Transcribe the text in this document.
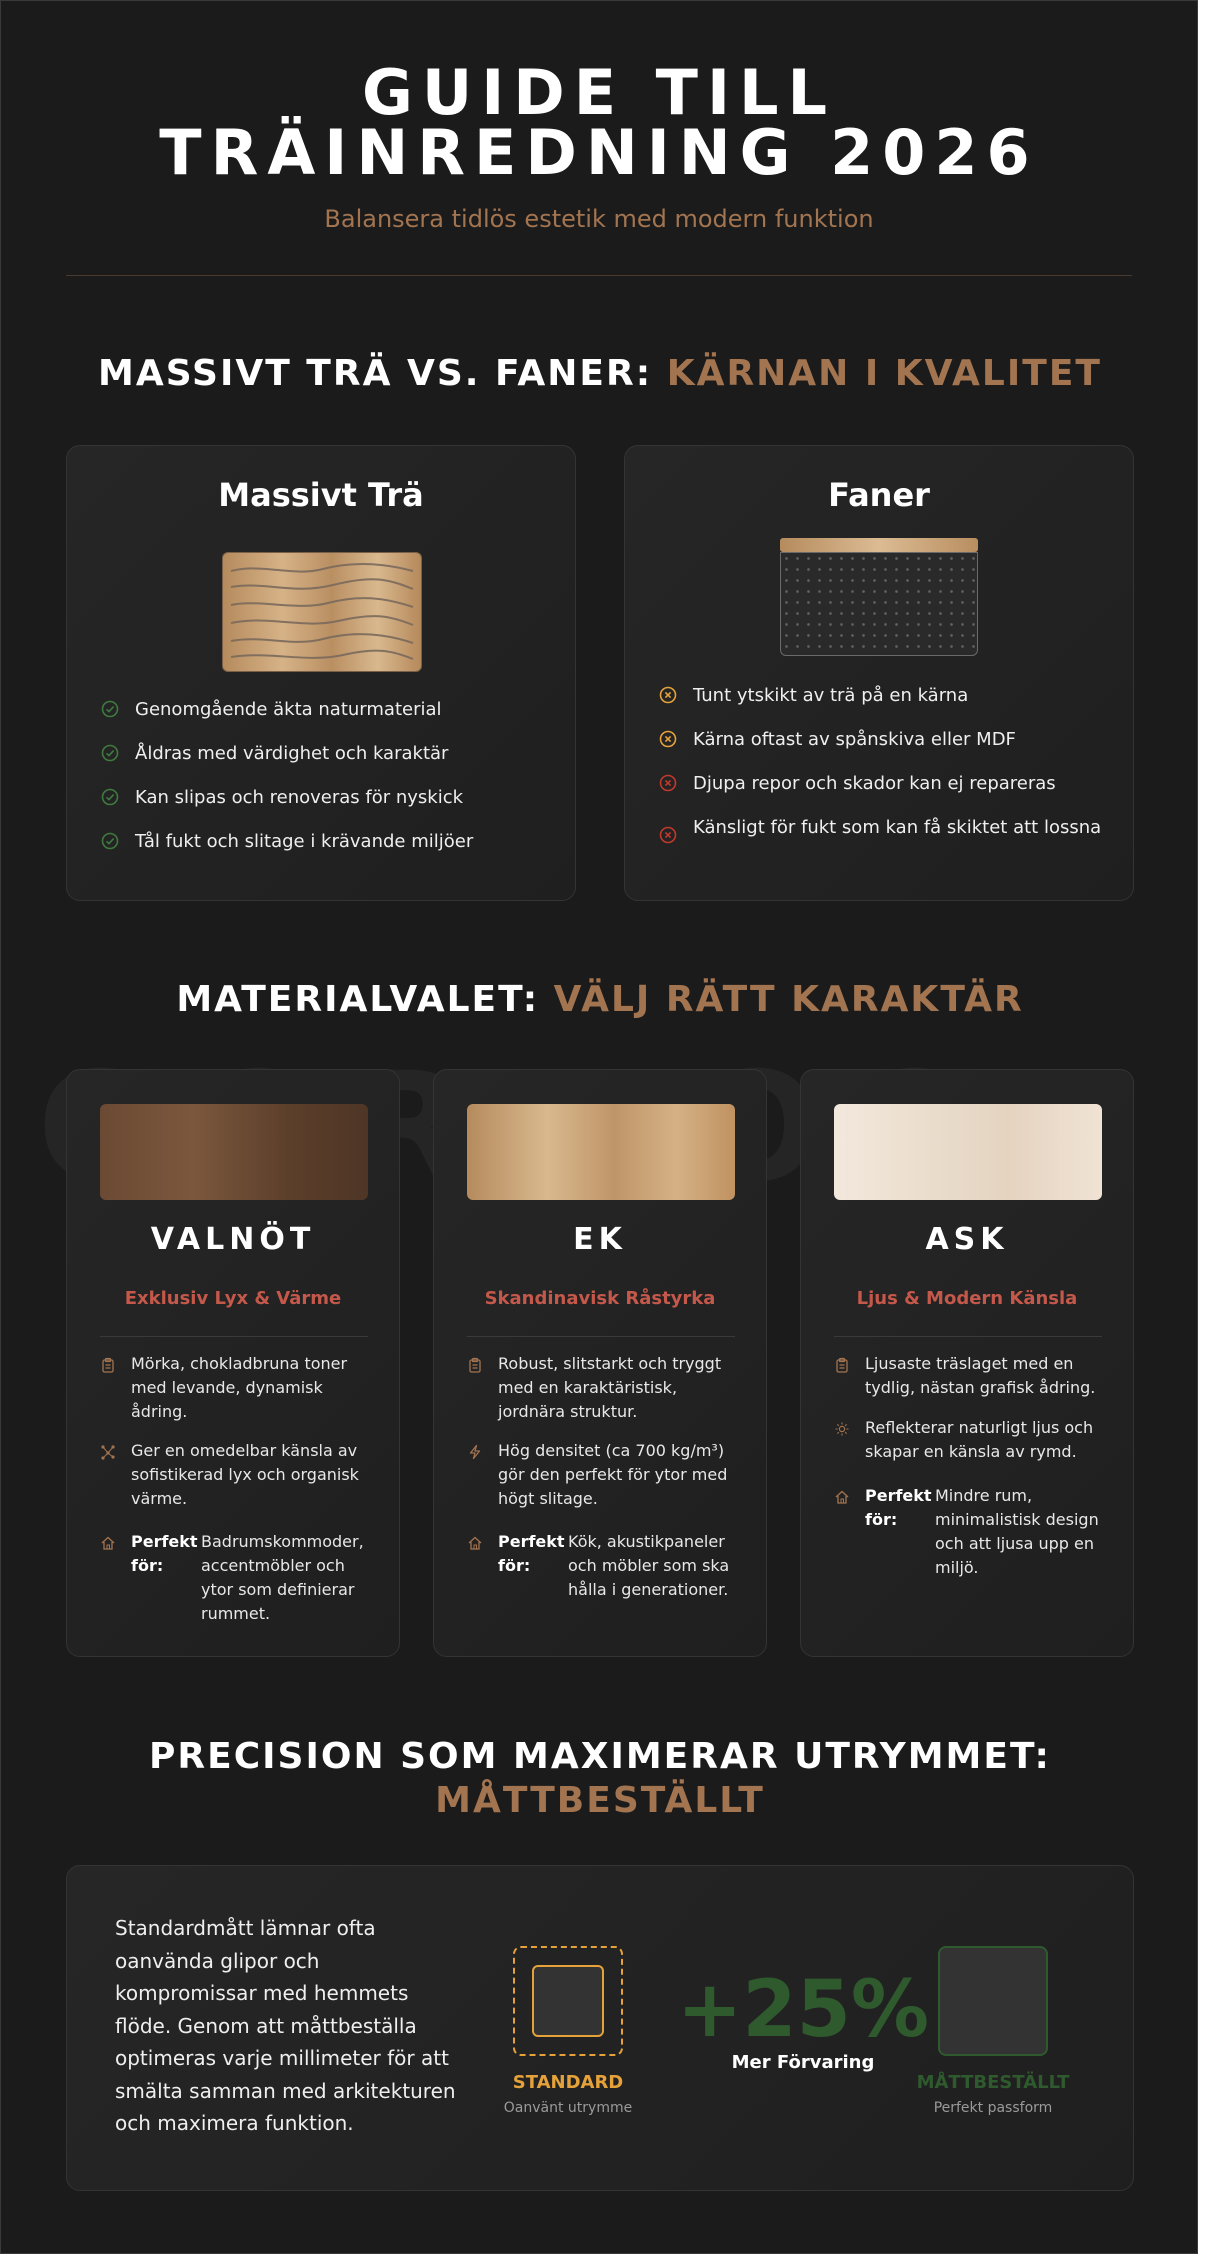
GUIDE TILL
TRÄINREDNING 2026
Balansera tidlös estetik med modern funktion
MASSIVT TRÄ VS. FANER: KÄRNAN I KVALITET
Massivt Trä
Genomgående äkta naturmaterial
Åldras med värdighet och karaktär
Kan slipas och renoveras för nyskick
Tål fukt och slitage i krävande miljöer
Faner
Tunt ytskikt av trä på en kärna
Kärna oftast av spånskiva eller MDF
Djupa repor och skador kan ej repareras
Känsligt för fukt som kan få skiktet att lossna
MATERIALVALET: VÄLJ RÄTT KARAKTÄR
VALNÖT
Exklusiv Lyx & Värme
Mörka, chokladbruna toner med levande, dynamisk ådring.
Ger en omedelbar känsla av sofistikerad lyx och organisk värme.
Perfekt för:
Badrumskommoder, accentmöbler och ytor som definierar rummet.
EK
Skandinavisk Råstyrka
Robust, slitstarkt och tryggt med en karaktäristisk, jordnära struktur.
Hög densitet (ca 700 kg/m³) gör den perfekt för ytor med högt slitage.
Perfekt för:
Kök, akustikpaneler och möbler som ska hålla i generationer.
ASK
Ljus & Modern Känsla
Ljusaste träslaget med en tydlig, nästan grafisk ådring.
Reflekterar naturligt ljus och skapar en känsla av rymd.
Perfekt för:
Mindre rum, minimalistisk design och att ljusa upp en miljö.
PRECISION SOM MAXIMERAR UTRYMMET:
MÅTTBESTÄLLT
Standardmått lämnar ofta oanvända glipor och kompromissar med hemmets flöde. Genom att måttbeställa optimeras varje millimeter för att smälta samman med arkitekturen och maximera funktion.
STANDARD
Oanvänt utrymme
+25%
Mer Förvaring
MÅTTBESTÄLLT
Perfekt passform
